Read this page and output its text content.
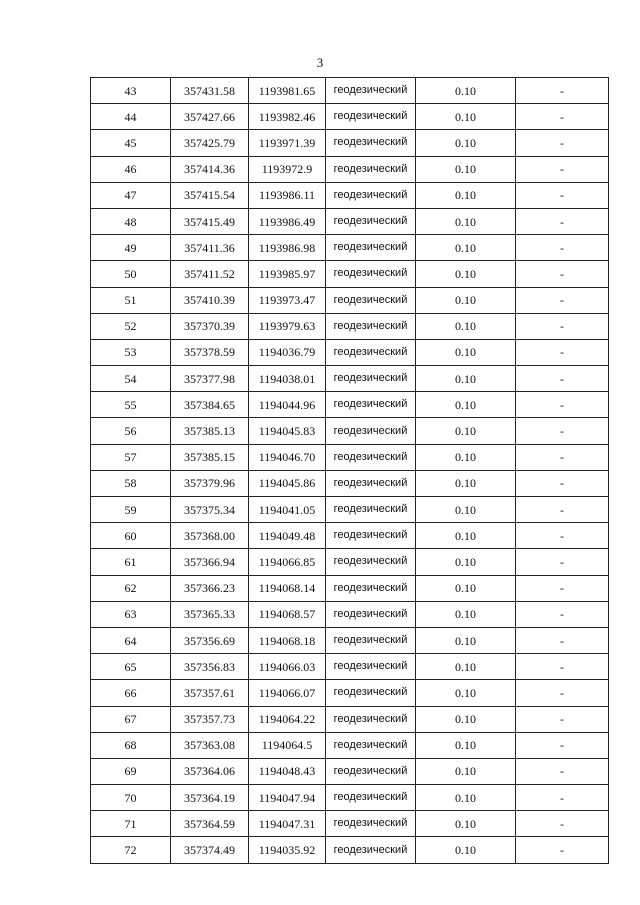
3
43	357431.58	1193981.65	геодезический	0.10	-
44	357427.66	1193982.46	геодезический	0.10	-
45	357425.79	1193971.39	геодезический	0.10	-
46	357414.36	1193972.9	геодезический	0.10	-
47	357415.54	1193986.11	геодезический	0.10	-
48	357415.49	1193986.49	геодезический	0.10	-
49	357411.36	1193986.98	геодезический	0.10	-
50	357411.52	1193985.97	геодезический	0.10	-
51	357410.39	1193973.47	геодезический	0.10	-
52	357370.39	1193979.63	геодезический	0.10	-
53	357378.59	1194036.79	геодезический	0.10	-
54	357377.98	1194038.01	геодезический	0.10	-
55	357384.65	1194044.96	геодезический	0.10	-
56	357385.13	1194045.83	геодезический	0.10	-
57	357385.15	1194046.70	геодезический	0.10	-
58	357379.96	1194045.86	геодезический	0.10	-
59	357375.34	1194041.05	геодезический	0.10	-
60	357368.00	1194049.48	геодезический	0.10	-
61	357366.94	1194066.85	геодезический	0.10	-
62	357366.23	1194068.14	геодезический	0.10	-
63	357365.33	1194068.57	геодезический	0.10	-
64	357356.69	1194068.18	геодезический	0.10	-
65	357356.83	1194066.03	геодезический	0.10	-
66	357357.61	1194066.07	геодезический	0.10	-
67	357357.73	1194064.22	геодезический	0.10	-
68	357363.08	1194064.5	геодезический	0.10	-
69	357364.06	1194048.43	геодезический	0.10	-
70	357364.19	1194047.94	геодезический	0.10	-
71	357364.59	1194047.31	геодезический	0.10	-
72	357374.49	1194035.92	геодезический	0.10	-
